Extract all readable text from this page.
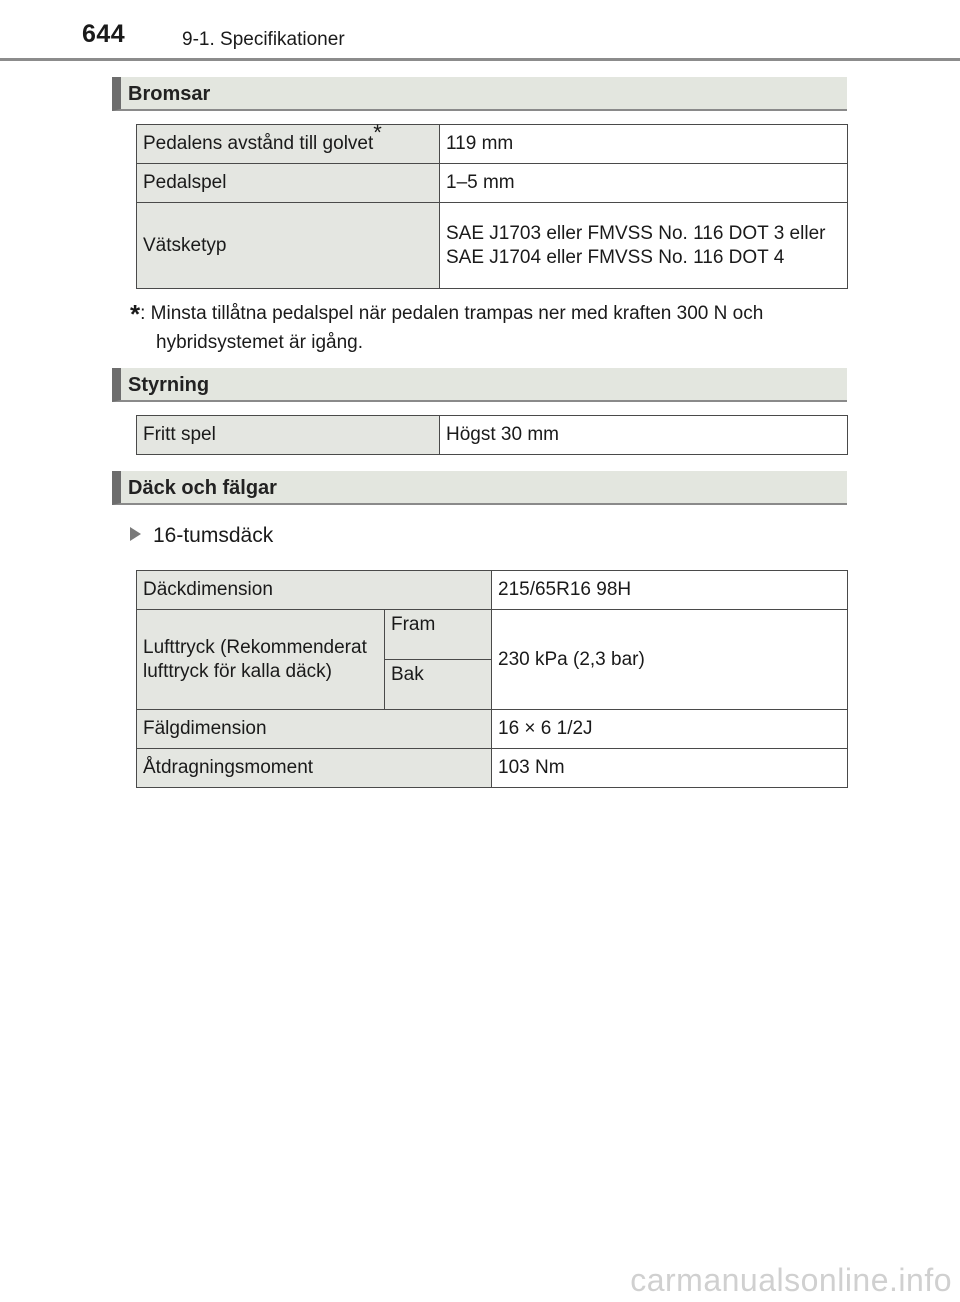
644	9-1. Specifikationer
Bromsar
Pedalens avstånd till golvet*	119 mm
Pedalspel	1–5 mm
Vätsketyp	SAE J1703 eller FMVSS No. 116 DOT 3 eller
SAE J1704 eller FMVSS No. 116 DOT 4
*: Minsta tillåtna pedalspel när pedalen trampas ner med kraften 300 N och
hybridsystemet är igång.
Styrning
Fritt spel	Högst 30 mm
Däck och fälgar
16-tumsdäck
Däckdimension		215/65R16 98H
Lufttryck (Rekommenderat lufttryck för kalla däck)	Fram	230 kPa (2,3 bar)
	Bak	
Fälgdimension		16 × 6 1/2J
Åtdragningsmoment		103 Nm
carmanualsonline.info
